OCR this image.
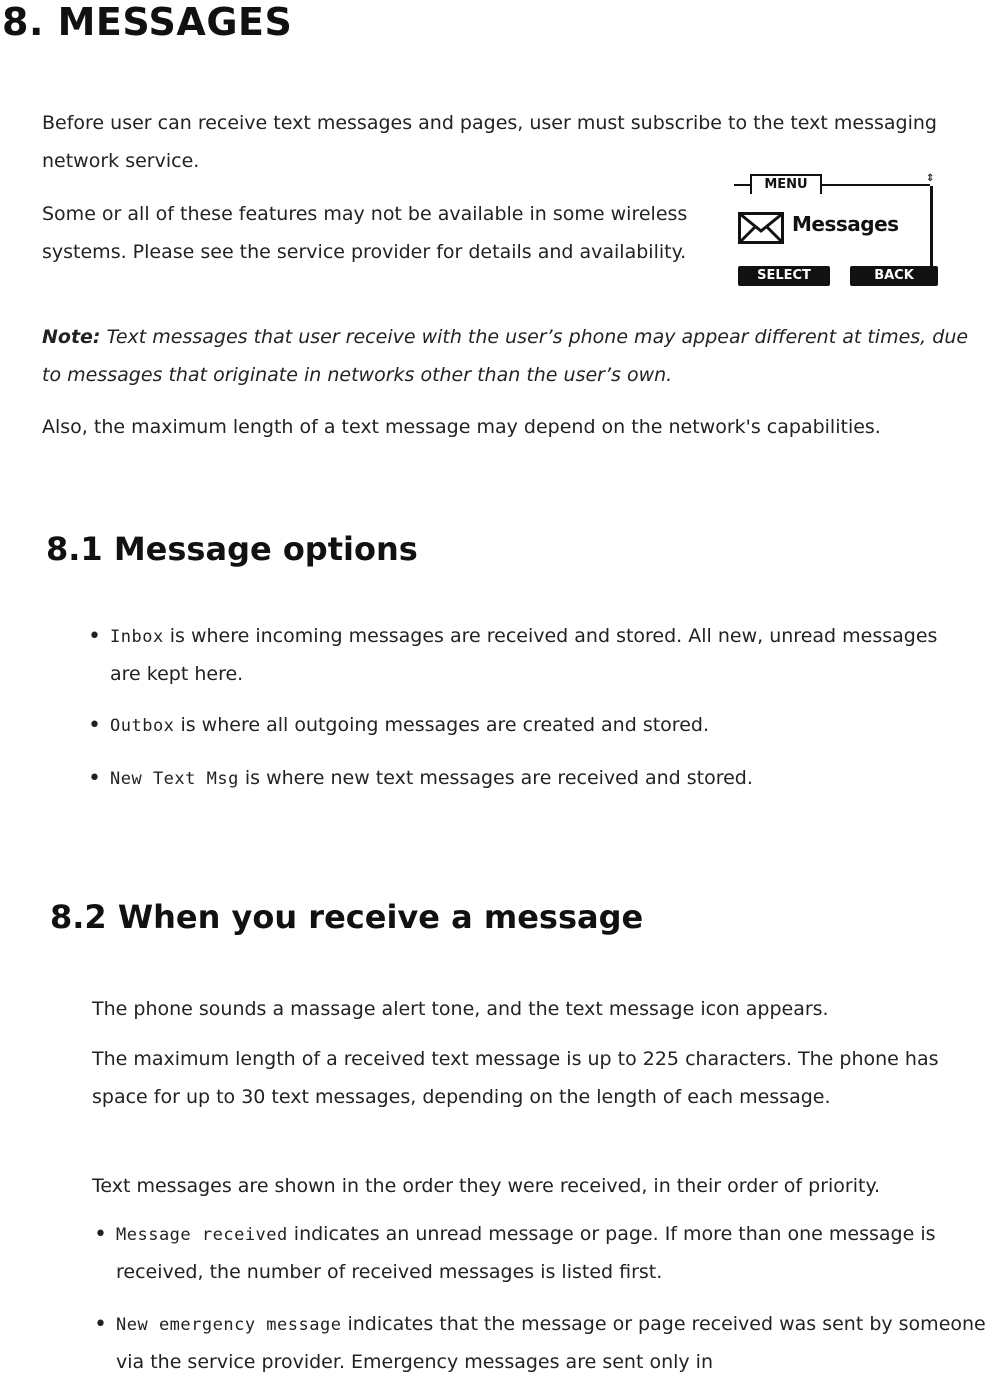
8. MESSAGES

Before user can receive text messages and pages, user must subscribe to the text messaging network service.

Some or all of these features may not be available in some wireless systems. Please see the service provider for details and availability.

MENU	⇕
Messages
SELECT	BACK

Note: Text messages that user receive with the user’s phone may appear different at times, due to messages that originate in networks other than the user’s own.

Also, the maximum length of a text message may depend on the network's capabilities.

8.1 Message options
• Inbox is where incoming messages are received and stored. All new, unread messages are kept here.
• Outbox is where all outgoing messages are created and stored.
• New Text Msg is where new text messages are received and stored.
8.2 When you receive a message

The phone sounds a massage alert tone, and the text message icon appears.

The maximum length of a received text message is up to 225 characters. The phone has space for up to 30 text messages, depending on the length of each message.

Text messages are shown in the order they were received, in their order of priority.

• Message received indicates an unread message or page. If more than one message is received, the number of received messages is listed first.
• New emergency message indicates that the message or page received was sent by someone via the service provider. Emergency messages are sent only in
